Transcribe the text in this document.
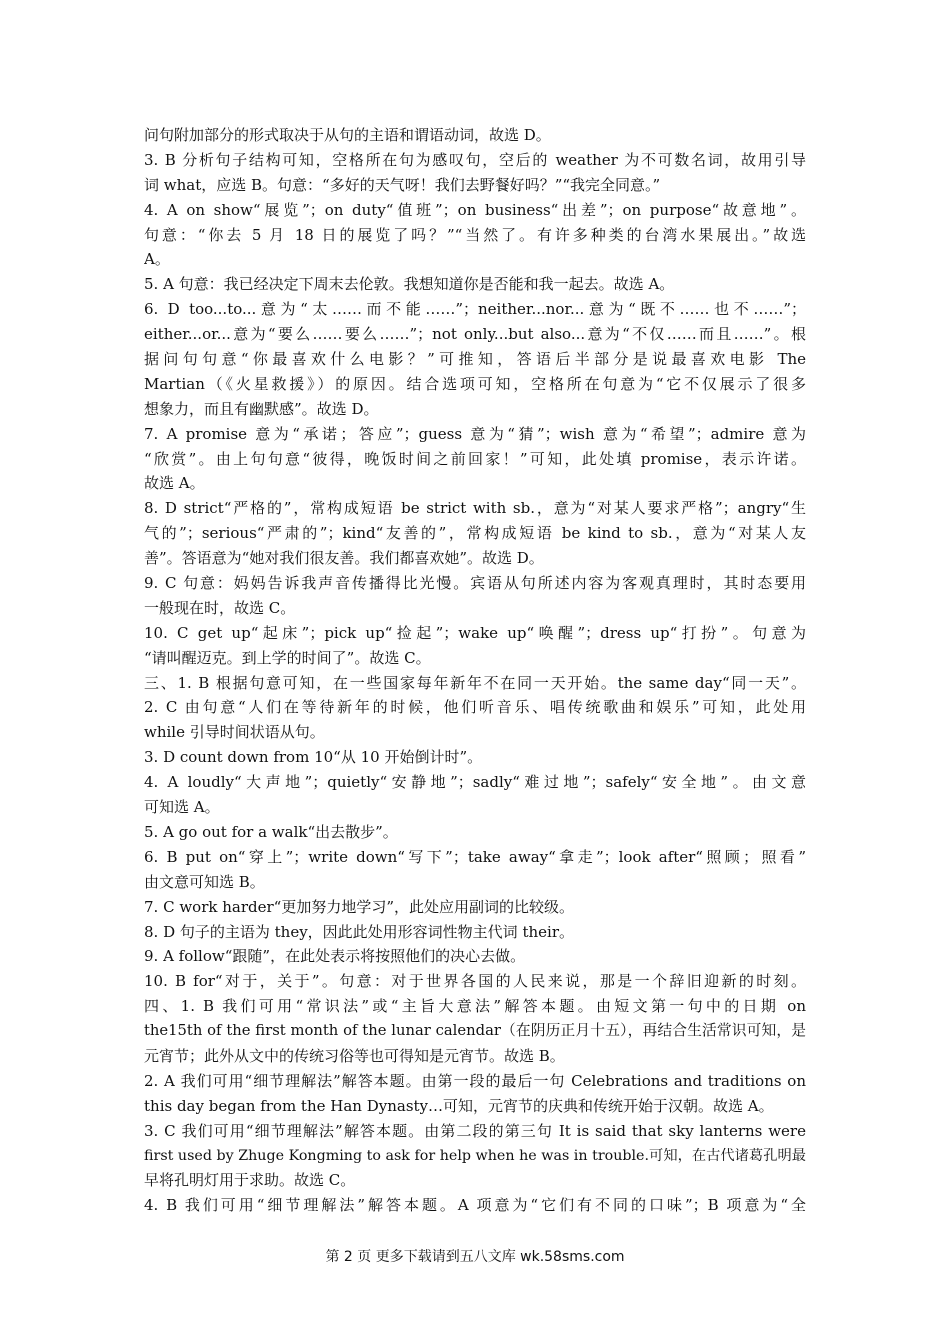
问句附加部分的形式取决于从句的主语和谓语动词，故选 D。
3. B 分析句子结构可知，空格所在句为感叹句，空后的 weather 为不可数名词，故用引导
词 what，应选 B。句意：“多好的天气呀！我们去野餐好吗？”“我完全同意。”
4. A on show“展览”；on duty“值班”；on business“出差”；on purpose“故意地”。
句意：“你去 5 月 18 日的展览了吗？”“当然了。有许多种类的台湾水果展出。”故选
A。
5. A 句意：我已经决定下周末去伦敦。我想知道你是否能和我一起去。故选 A。
6. D too...to...意为“太……而不能……”；neither...nor...意为“既不……也不……”；
either...or...意为“要么……要么……”；not only...but also...意为“不仅……而且……”。根
据问句句意“你最喜欢什么电影？”可推知，答语后半部分是说最喜欢电影 The
Martian（《火星救援》）的原因。结合选项可知，空格所在句意为“它不仅展示了很多
想象力，而且有幽默感”。故选 D。
7. A promise 意为“承诺；答应”；guess 意为“猜”；wish 意为“希望”；admire 意为
“欣赏”。由上句句意“彼得，晚饭时间之前回家！”可知，此处填 promise，表示许诺。
故选 A。
8. D strict“严格的”，常构成短语 be strict with sb.，意为“对某人要求严格”；angry“生
气的”；serious“严肃的”；kind“友善的”，常构成短语 be kind to sb.，意为“对某人友
善”。答语意为“她对我们很友善。我们都喜欢她”。故选 D。
9. C 句意：妈妈告诉我声音传播得比光慢。宾语从句所述内容为客观真理时，其时态要用
一般现在时，故选 C。
10. C get up“起床”；pick up“捡起”；wake up“唤醒”；dress up“打扮”。句意为
“请叫醒迈克。到上学的时间了”。故选 C。
三、1. B 根据句意可知，在一些国家每年新年不在同一天开始。the same day“同一天”。
2. C 由句意“人们在等待新年的时候，他们听音乐、唱传统歌曲和娱乐”可知，此处用
while 引导时间状语从句。
3. D count down from 10“从 10 开始倒计时”。
4. A loudly“大声地”；quietly“安静地”；sadly“难过地”；safely“安全地”。由文意
可知选 A。
5. A go out for a walk“出去散步”。
6. B put on“穿上”；write down“写下”；take away“拿走”；look after“照顾；照看”
由文意可知选 B。
7. C work harder“更加努力地学习”，此处应用副词的比较级。
8. D 句子的主语为 they，因此此处用形容词性物主代词 their。
9. A follow“跟随”，在此处表示将按照他们的决心去做。
10. B for“对于，关于”。句意：对于世界各国的人民来说，那是一个辞旧迎新的时刻。
四、1. B 我们可用“常识法”或“主旨大意法”解答本题。由短文第一句中的日期 on
the15th of the first month of the lunar calendar（在阴历正月十五），再结合生活常识可知，是
元宵节；此外从文中的传统习俗等也可得知是元宵节。故选 B。
2. A 我们可用“细节理解法”解答本题。由第一段的最后一句 Celebrations and traditions on
this day began from the Han Dynasty…可知，元宵节的庆典和传统开始于汉朝。故选 A。
3. C 我们可用“细节理解法”解答本题。由第二段的第三句 It is said that sky lanterns were
first used by Zhuge Kongming to ask for help when he was in trouble.可知，在古代诸葛孔明最
早将孔明灯用于求助。故选 C。
4. B 我们可用“细节理解法”解答本题。A 项意为“它们有不同的口味”；B 项意为“全
第 2 页 更多下载请到五八文库 wk.58sms.com
